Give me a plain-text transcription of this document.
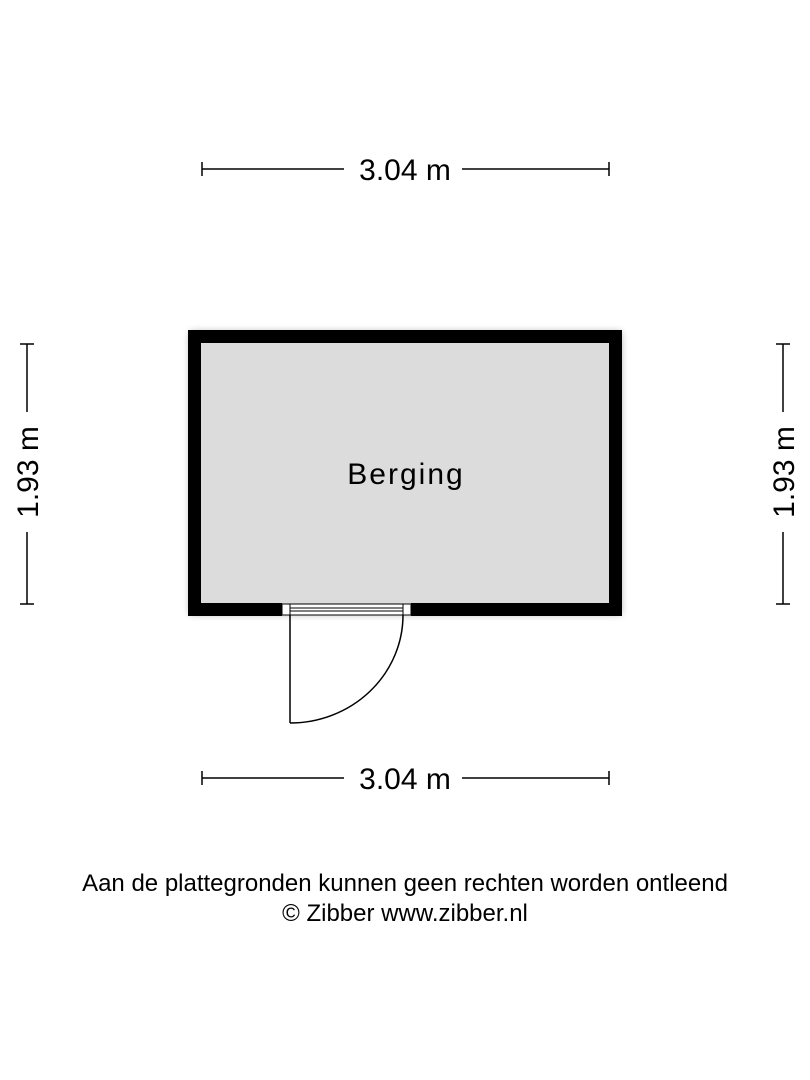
3.04 m
3.04 m
1.93 m	1.93 m
Berging
Aan de plattegronden kunnen geen rechten worden ontleend
© Zibber www.zibber.nl
